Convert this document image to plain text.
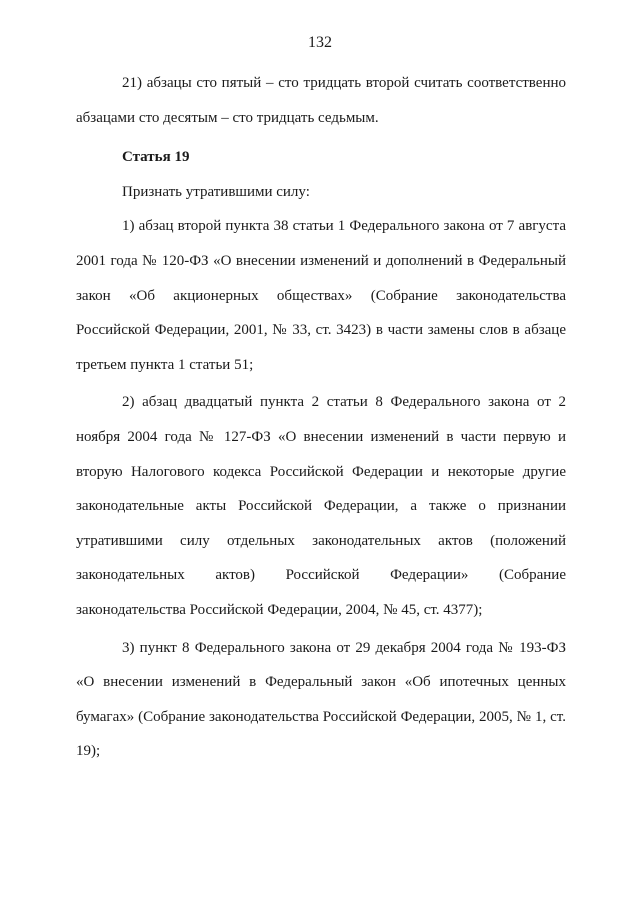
132

21) абзацы сто пятый – сто тридцать второй считать соответственно абзацами сто десятым – сто тридцать седьмым.

Статья 19

Признать утратившими силу:

1) абзац второй пункта 38 статьи 1 Федерального закона от 7 августа 2001 года № 120-ФЗ «О внесении изменений и дополнений в Федеральный закон «Об акционерных обществах» (Собрание законодательства Российской Федерации, 2001, № 33, ст. 3423) в части замены слов в абзаце третьем пункта 1 статьи 51;

2) абзац двадцатый пункта 2 статьи 8 Федерального закона от 2 ноября 2004 года № 127-ФЗ «О внесении изменений в части первую и вторую Налогового кодекса Российской Федерации и некоторые другие законодательные акты Российской Федерации, а также о признании утратившими силу отдельных законодательных актов (положений законодательных актов) Российской Федерации» (Собрание законодательства Российской Федерации, 2004, № 45, ст. 4377);

3) пункт 8 Федерального закона от 29 декабря 2004 года № 193-ФЗ «О внесении изменений в Федеральный закон «Об ипотечных ценных бумагах» (Собрание законодательства Российской Федерации, 2005, № 1, ст. 19);
